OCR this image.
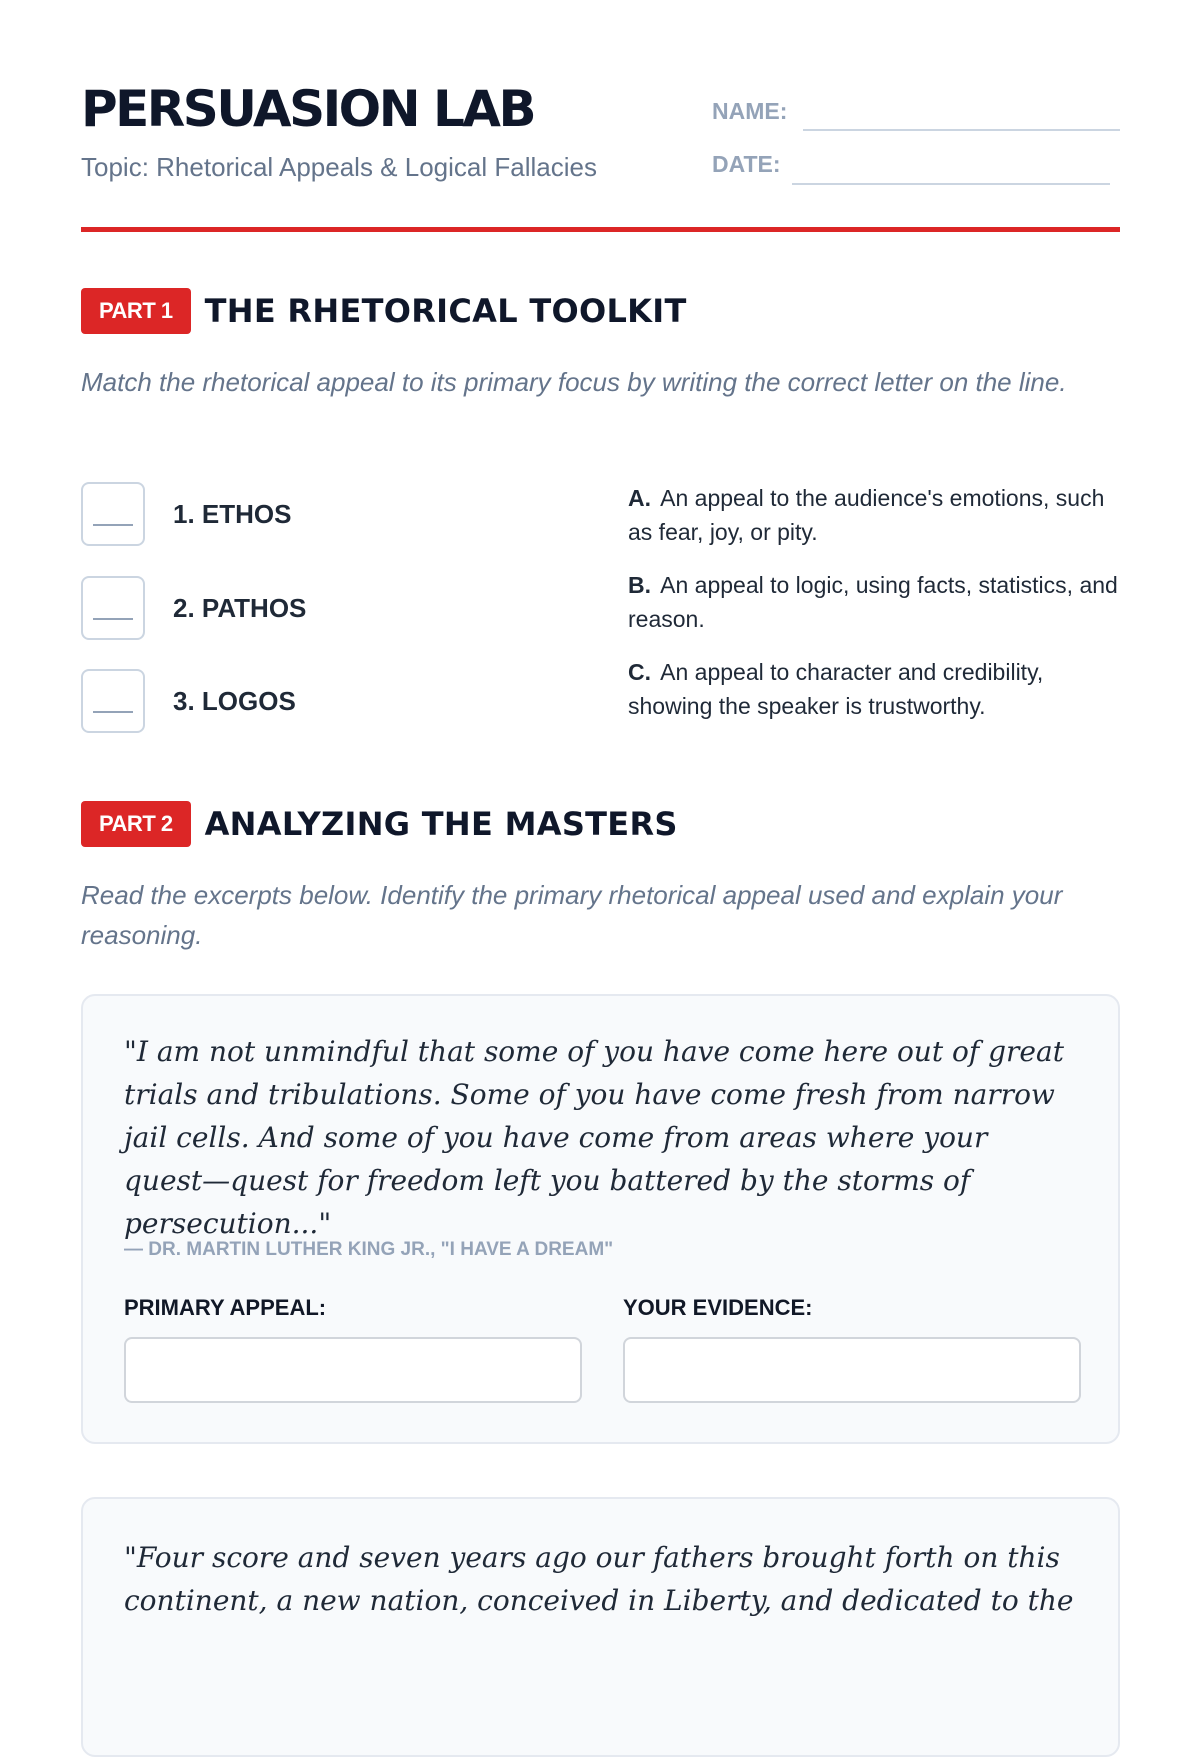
PERSUASION LAB
Topic: Rhetorical Appeals & Logical Fallacies
NAME:
DATE:
PART 1	THE RHETORICAL TOOLKIT
Match the rhetorical appeal to its primary focus by writing the correct letter on the line.
1. ETHOS
2. PATHOS
3. LOGOS
A. An appeal to the audience's emotions, such as fear, joy, or pity.
B. An appeal to logic, using facts, statistics, and reason.
C. An appeal to character and credibility, showing the speaker is trustworthy.
PART 2	ANALYZING THE MASTERS
Read the excerpts below. Identify the primary rhetorical appeal used and explain your reasoning.
"I am not unmindful that some of you have come here out of great trials and tribulations. Some of you have come fresh from narrow jail cells. And some of you have come from areas where your quest—quest for freedom left you battered by the storms of persecution..."
— DR. MARTIN LUTHER KING JR., "I HAVE A DREAM"
PRIMARY APPEAL:	YOUR EVIDENCE:
"Four score and seven years ago our fathers brought forth on this continent, a new nation, conceived in Liberty, and dedicated to the
